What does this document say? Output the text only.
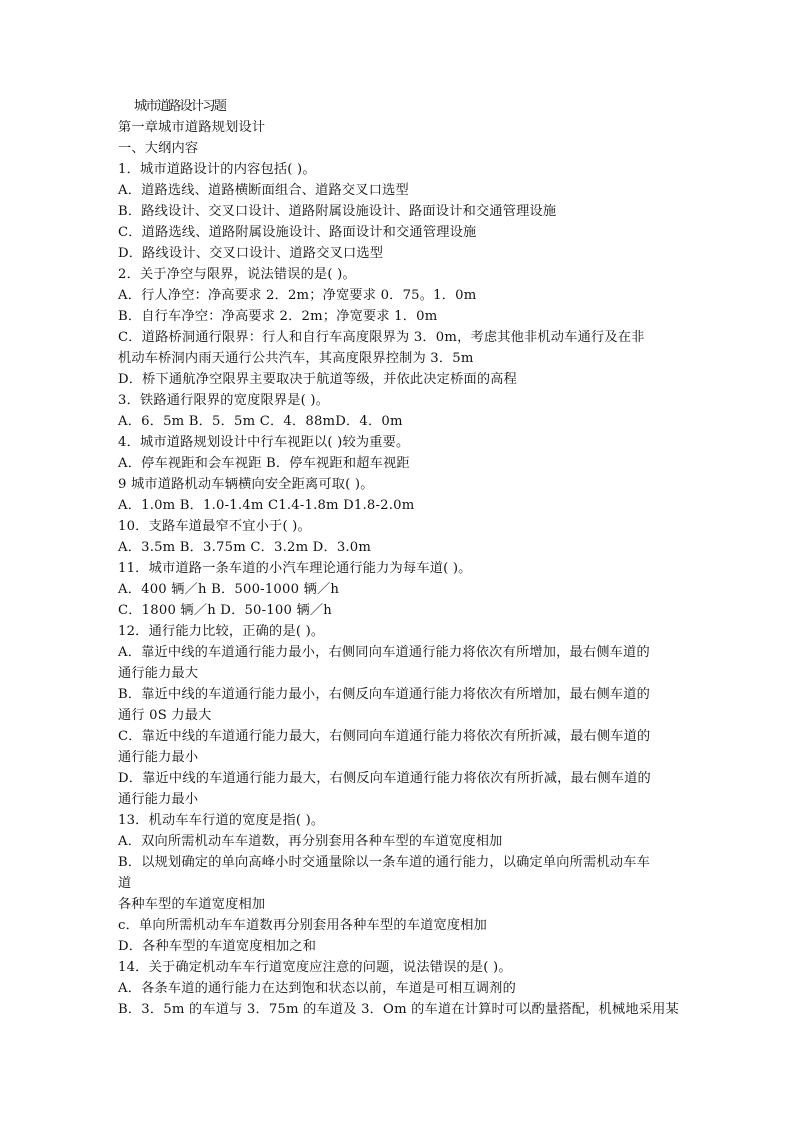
城市道路设计习题
第一章城市道路规划设计
一、大纲内容
1．城市道路设计的内容包括( )。
A．道路选线、道路横断面组合、道路交叉口选型
B．路线设计、交叉口设计、道路附属设施设计、路面设计和交通管理设施
C．道路选线、道路附属设施设计、路面设计和交通管理设施
D．路线设计、交叉口设计、道路交叉口选型
2．关于净空与限界，说法错误的是( )。
A．行人净空：净高要求 2．2m；净宽要求 0．75。1．0m
B．自行车净空：净高要求 2．2m；净宽要求 1．0m
C．道路桥洞通行限界：行人和自行车高度限界为 3．0m，考虑其他非机动车通行及在非
机动车桥洞内雨天通行公共汽车，其高度限界控制为 3．5m
D．桥下通航净空限界主要取决于航道等级，并依此决定桥面的高程
3．铁路通行限界的宽度限界是( )。
A．6．5m B．5．5m C．4．88mD．4．0m
4．城市道路规划设计中行车视距以( )较为重要。
A．停车视距和会车视距 B．停车视距和超车视距
9 城市道路机动车辆横向安全距离可取( )。
A．1.0m B．1.0-1.4m C1.4-1.8m D1.8-2.0m
10．支路车道最窄不宜小于( )。
A．3.5m B．3.75m C．3.2m D．3.0m
11．城市道路一条车道的小汽车理论通行能力为每车道( )。
A．400 辆／h B．500-1000 辆／h
C．1800 辆／h D．50-100 辆／h
12．通行能力比较，正确的是( )。
A．靠近中线的车道通行能力最小，右侧同向车道通行能力将依次有所增加，最右侧车道的
通行能力最大
B．靠近中线的车道通行能力最小，右侧反向车道通行能力将依次有所增加，最右侧车道的
通行 0S 力最大
C．靠近中线的车道通行能力最大，右侧同向车道通行能力将依次有所折减，最右侧车道的
通行能力最小
D．靠近中线的车道通行能力最大，右侧反向车道通行能力将依次有所折减，最右侧车道的
通行能力最小
13．机动车车行道的宽度是指( )。
A．双向所需机动车车道数，再分别套用各种车型的车道宽度相加
B．以规划确定的单向高峰小时交通量除以一条车道的通行能力，以确定单向所需机动车车
道
各种车型的车道宽度相加
c．单向所需机动车车道数再分别套用各种车型的车道宽度相加
D．各种车型的车道宽度相加之和
14．关于确定机动车车行道宽度应注意的问题，说法错误的是( )。
A．各条车道的通行能力在达到饱和状态以前，车道是可相互调剂的
B．3．5m 的车道与 3．75m 的车道及 3．Om 的车道在计算时可以酌量搭配，机械地采用某
